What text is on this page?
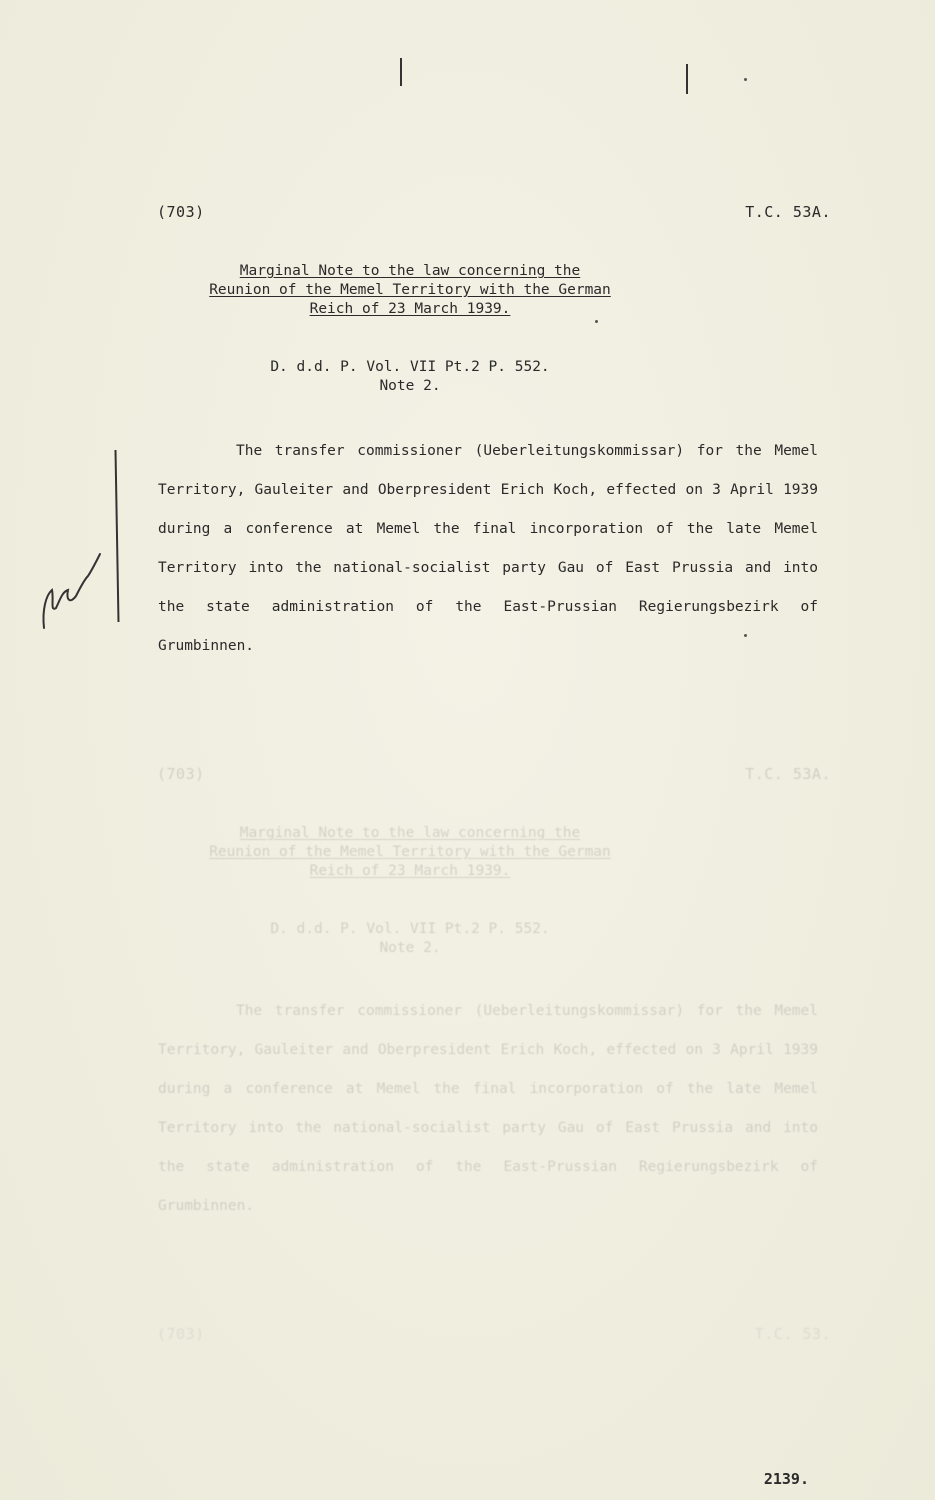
(703)	T.C. 53A.
Marginal Note to the law concerning the
Reunion of the Memel Territory with the German
Reich of 23 March 1939.
D. d.d. P. Vol. VII Pt.2 P. 552.
Note 2.

The transfer commissioner (Ueberleitungskommissar) for the Memel Territory, Gauleiter and Oberpresident Erich Koch, effected on 3 April 1939 during a conference at Memel the final incorporation of the late Memel Territory into the national-socialist party Gau of East Prussia and into the state administration of the East-Prussian Regierungsbezirk of Grumbinnen.

(703)	T.C. 53A.
Marginal Note to the law concerning the
Reunion of the Memel Territory with the German
Reich of 23 March 1939.
D. d.d. P. Vol. VII Pt.2 P. 552.
Note 2.

The transfer commissioner (Ueberleitungskommissar) for the Memel Territory, Gauleiter and Oberpresident Erich Koch, effected on 3 April 1939 during a conference at Memel the final incorporation of the late Memel Territory into the national-socialist party Gau of East Prussia and into the state administration of the East-Prussian Regierungsbezirk of Grumbinnen.

(703)	T.C. 53.
2139.
